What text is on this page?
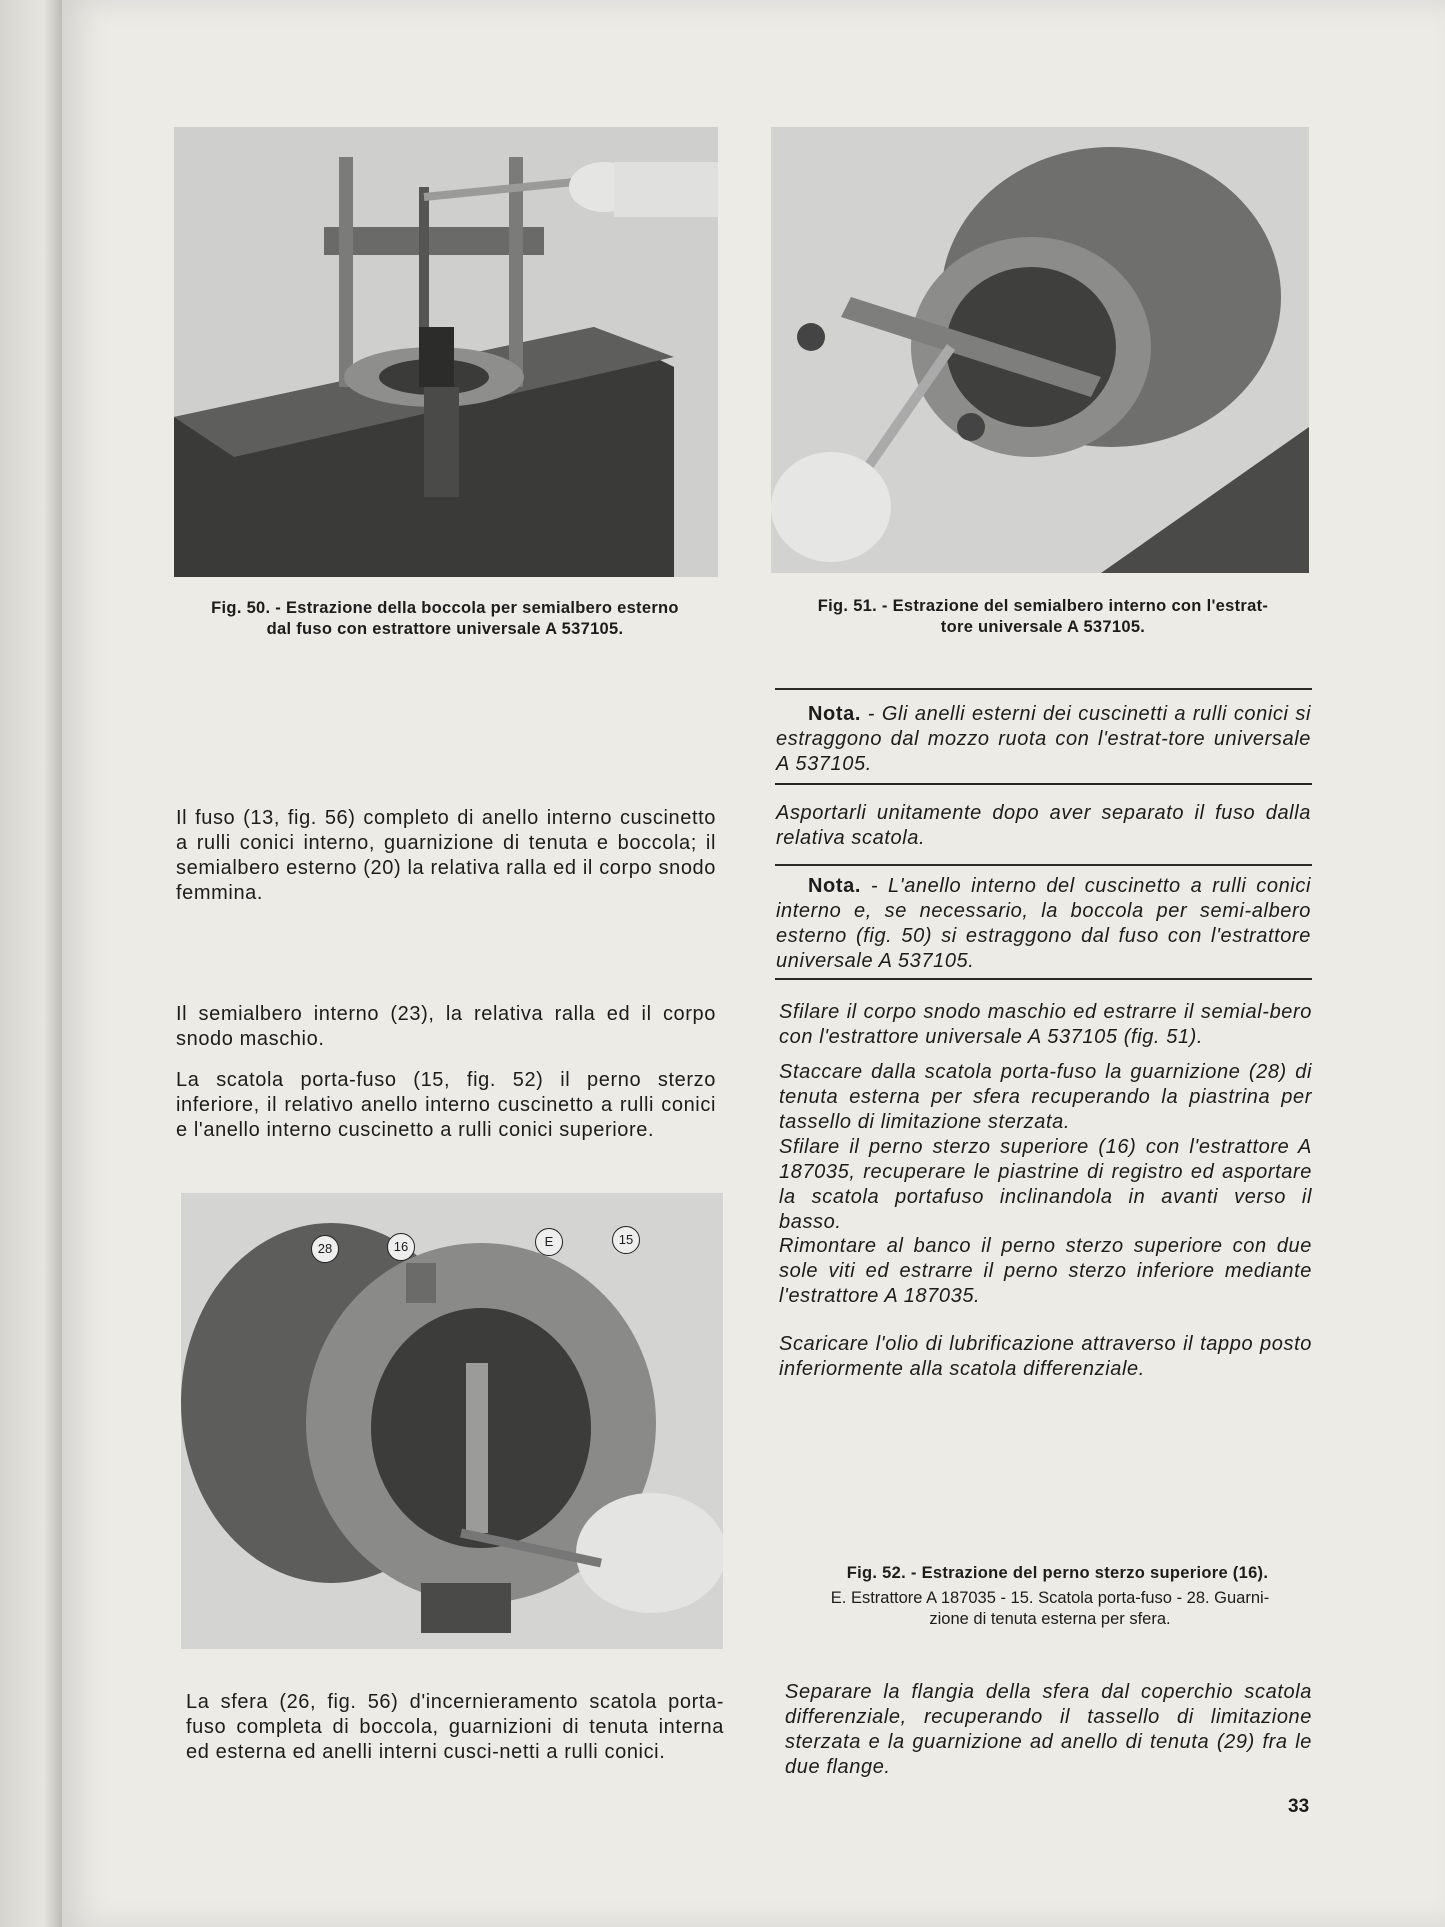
28	16	E	15
Fig. 50. - Estrazione della boccola per semialbero esterno
dal fuso con estrattore universale A 537105.
Fig. 51. - Estrazione del semialbero interno con l'estrat-
tore universale A 537105.
Il fuso (13, fig. 56) completo di anello interno cuscinetto a rulli conici interno, guarnizione di tenuta e boccola; il semialbero esterno (20) la relativa ralla ed il corpo snodo femmina.
Il semialbero interno (23), la relativa ralla ed il corpo snodo maschio.
La scatola porta-fuso (15, fig. 52) il perno sterzo inferiore, il relativo anello interno cuscinetto a rulli conici e l'anello interno cuscinetto a rulli conici superiore.
La sfera (26, fig. 56) d'incernieramento scatola porta-fuso completa di boccola, guarnizioni di tenuta interna ed esterna ed anelli interni cusci-netti a rulli conici.
Nota. - Gli anelli esterni dei cuscinetti a rulli conici si estraggono dal mozzo ruota con l'estrat-tore universale A 537105.
Asportarli unitamente dopo aver separato il fuso dalla relativa scatola.
Nota. - L'anello interno del cuscinetto a rulli conici interno e, se necessario, la boccola per semi-albero esterno (fig. 50) si estraggono dal fuso con l'estrattore universale A 537105.
Sfilare il corpo snodo maschio ed estrarre il semial-bero con l'estrattore universale A 537105 (fig. 51).
Staccare dalla scatola porta-fuso la guarnizione (28) di tenuta esterna per sfera recuperando la piastrina per tassello di limitazione sterzata.
Sfilare il perno sterzo superiore (16) con l'estrattore A 187035, recuperare le piastrine di registro ed asportare la scatola portafuso inclinandola in avanti verso il basso.
Rimontare al banco il perno sterzo superiore con due sole viti ed estrarre il perno sterzo inferiore mediante l'estrattore A 187035.
Scaricare l'olio di lubrificazione attraverso il tappo posto inferiormente alla scatola differenziale.
Fig. 52. - Estrazione del perno sterzo superiore (16).
E. Estrattore A 187035 - 15. Scatola porta-fuso - 28. Guarni-
zione di tenuta esterna per sfera.
Separare la flangia della sfera dal coperchio scatola differenziale, recuperando il tassello di limitazione sterzata e la guarnizione ad anello di tenuta (29) fra le due flange.
33
